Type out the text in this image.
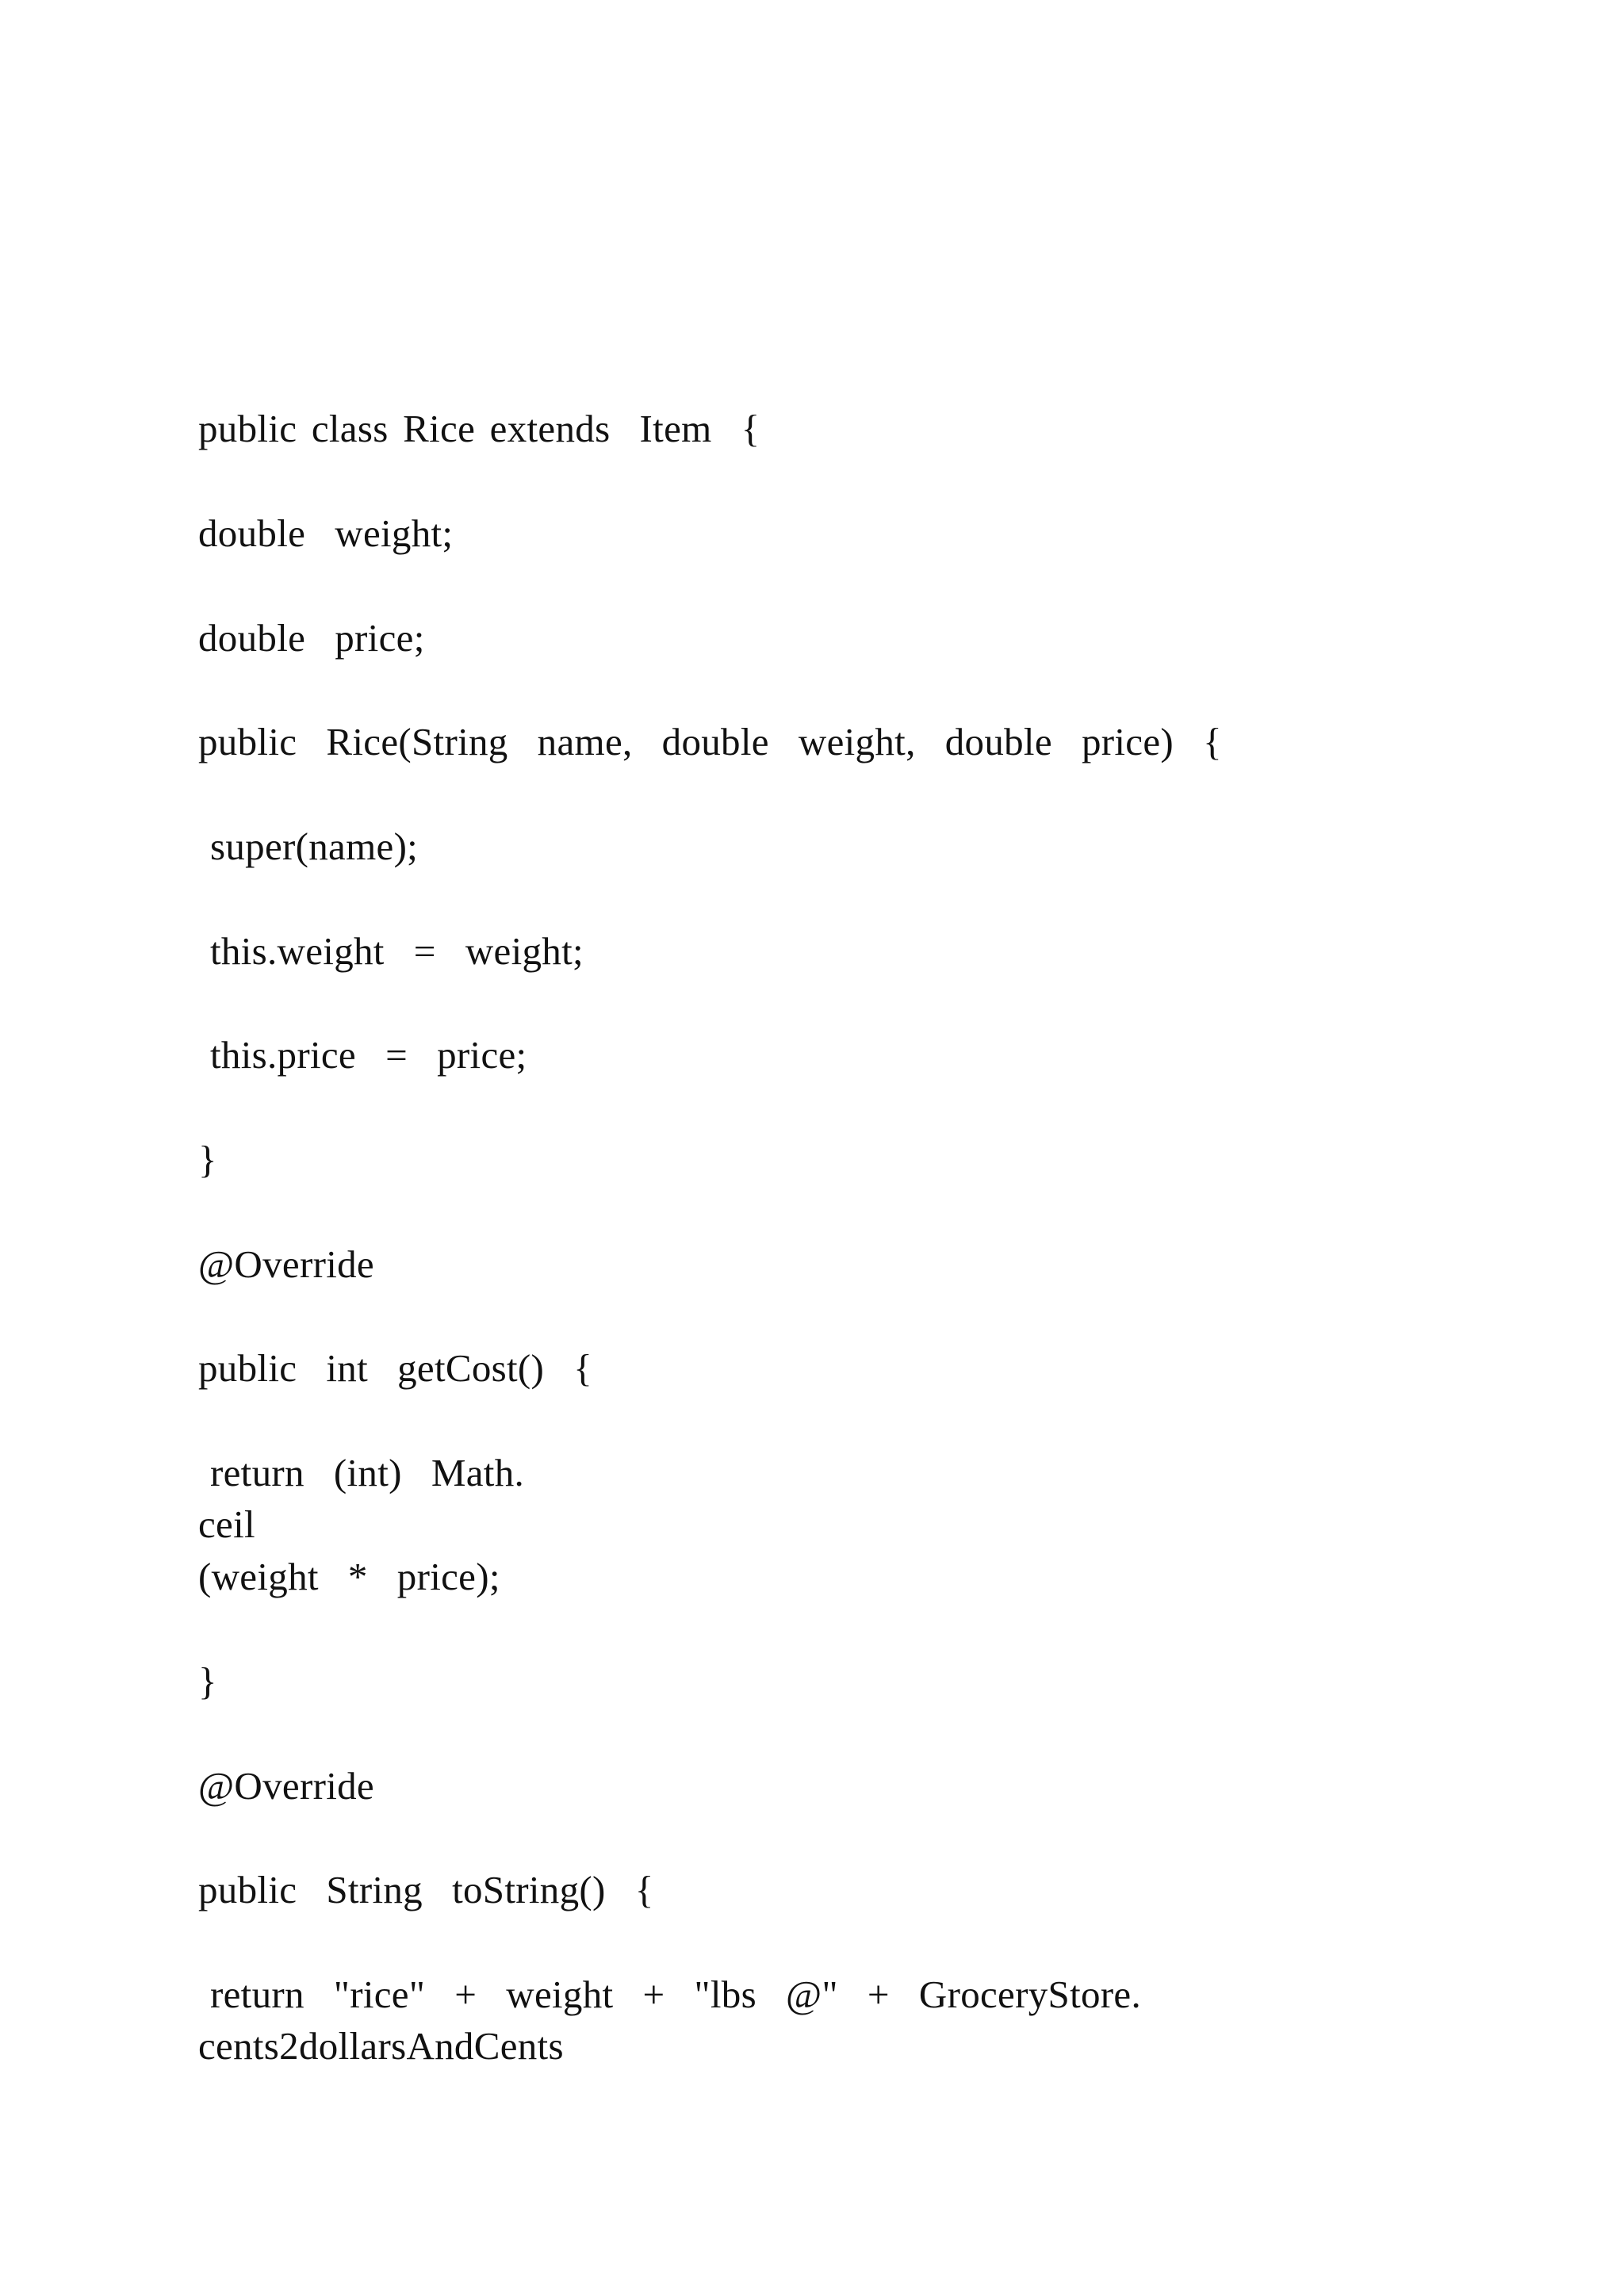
public class Rice extends  Item  {
double  weight;
double  price;
public  Rice(String  name,  double  weight,  double  price)  {
super(name);
this.weight  =  weight;
this.price  =  price;
}
@Override
public  int  getCost()  {
return  (int)  Math.
ceil
(weight  *  price);
}
@Override
public  String  toString()  {
return  "rice"  +  weight  +  "lbs  @"  +  GroceryStore.
cents2dollarsAndCents
